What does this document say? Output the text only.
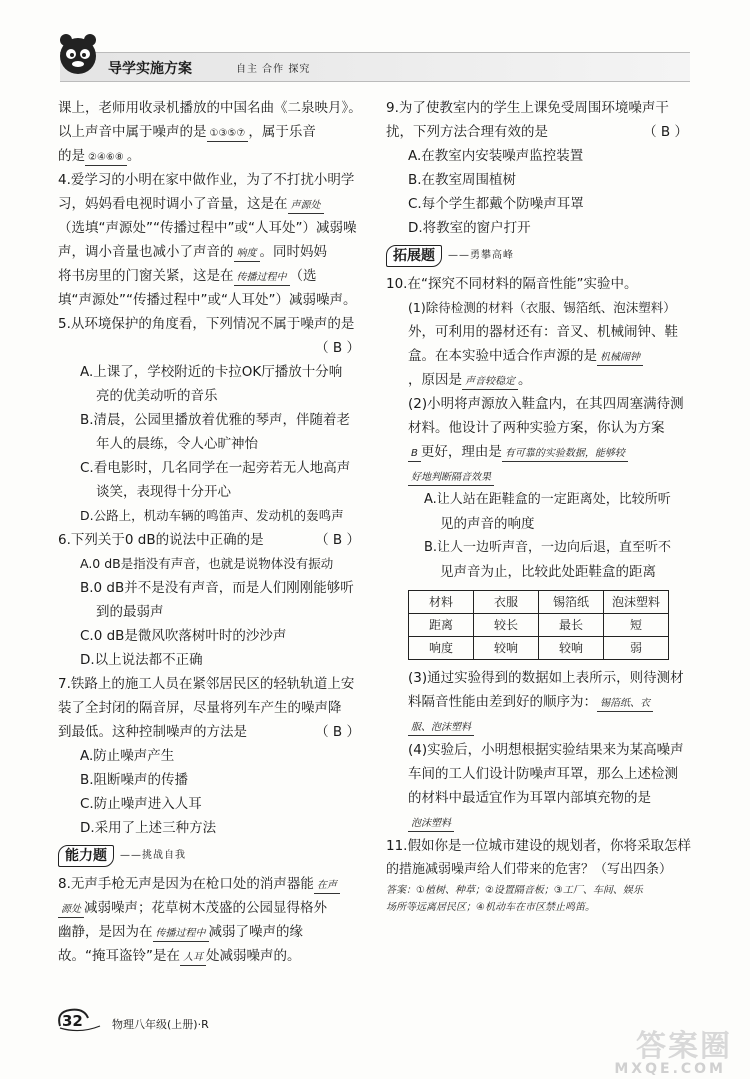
导学实施方案	自主 合作 探究

课上，老师用收录机播放的中国名曲《二泉映月》。

以上声音中属于噪声的是 ①③⑤⑦ ，属于乐音

的是 ②④⑥⑧ 。

4.爱学习的小明在家中做作业，为了不打扰小明学

习，妈妈看电视时调小了音量，这是在 声源处

（选填“声源处”“传播过程中”或“人耳处”）减弱噪

声，调小音量也减小了声音的 响度 。同时妈妈

将书房里的门窗关紧，这是在 传播过程中 （选

填“声源处”“传播过程中”或“人耳处”）减弱噪声。

5.从环境保护的角度看，下列情况不属于噪声的是

（ B ）

A.上课了，学校附近的卡拉OK厅播放十分响

亮的优美动听的音乐

B.清晨，公园里播放着优雅的琴声，伴随着老

年人的晨练，令人心旷神怡

C.看电影时，几名同学在一起旁若无人地高声

谈笑，表现得十分开心

D.公路上，机动车辆的鸣笛声、发动机的轰鸣声

6.下列关于0 dB的说法中正确的是	（ B ）

A.0 dB是指没有声音，也就是说物体没有振动

B.0 dB并不是没有声音，而是人们刚刚能够听

到的最弱声

C.0 dB是微风吹落树叶时的沙沙声

D.以上说法都不正确

7.铁路上的施工人员在紧邻居民区的轻轨轨道上安

装了全封闭的隔音屏，尽量将列车产生的噪声降

到最低。这种控制噪声的方法是	（ B ）

A.防止噪声产生

B.阻断噪声的传播

C.防止噪声进入人耳

D.采用了上述三种方法

能力题	——挑战自我

8.无声手枪无声是因为在枪口处的消声器能 在声

源处 减弱噪声；花草树木茂盛的公园显得格外

幽静，是因为在 传播过程中 减弱了噪声的缘

故。“掩耳盗铃”是在 人耳 处减弱噪声的。

9.为了使教室内的学生上课免受周围环境噪声干

扰，下列方法合理有效的是	（ B ）

A.在教室内安装噪声监控装置

B.在教室周围植树

C.每个学生都戴个防噪声耳罩

D.将教室的窗户打开

拓展题	——勇攀高峰

10.在“探究不同材料的隔音性能”实验中。

(1)除待检测的材料（衣服、锡箔纸、泡沫塑料）

外，可利用的器材还有：音叉、机械闹钟、鞋

盒。在本实验中适合作声源的是 机械闹钟

，原因是 声音较稳定 。

(2)小明将声源放入鞋盒内，在其四周塞满待测

材料。他设计了两种实验方案，你认为方案

B 更好，理由是 有可靠的实验数据，能够较

好地判断隔音效果

A.让人站在距鞋盒的一定距离处，比较所听

见的声音的响度

B.让人一边听声音，一边向后退，直至听不

见声音为止，比较此处距鞋盒的距离

材料	衣服	锡箔纸	泡沫塑料
距离	较长	最长	短
响度	较响	较响	弱

(3)通过实验得到的数据如上表所示，则待测材

料隔音性能由差到好的顺序为： 锡箔纸、衣

服、泡沫塑料

(4)实验后，小明想根据实验结果来为某高噪声

车间的工人们设计防噪声耳罩，那么上述检测

的材料中最适宜作为耳罩内部填充物的是

泡沫塑料

11.假如你是一位城市建设的规划者，你将采取怎样

的措施减弱噪声给人们带来的危害？（写出四条）

答案：①植树、种草；②设置隔音板；③工厂、车间、娱乐

场所等远离居民区；④机动车在市区禁止鸣笛。

32	物理八年级(上册)·R
答案圈
MXQE.COM
